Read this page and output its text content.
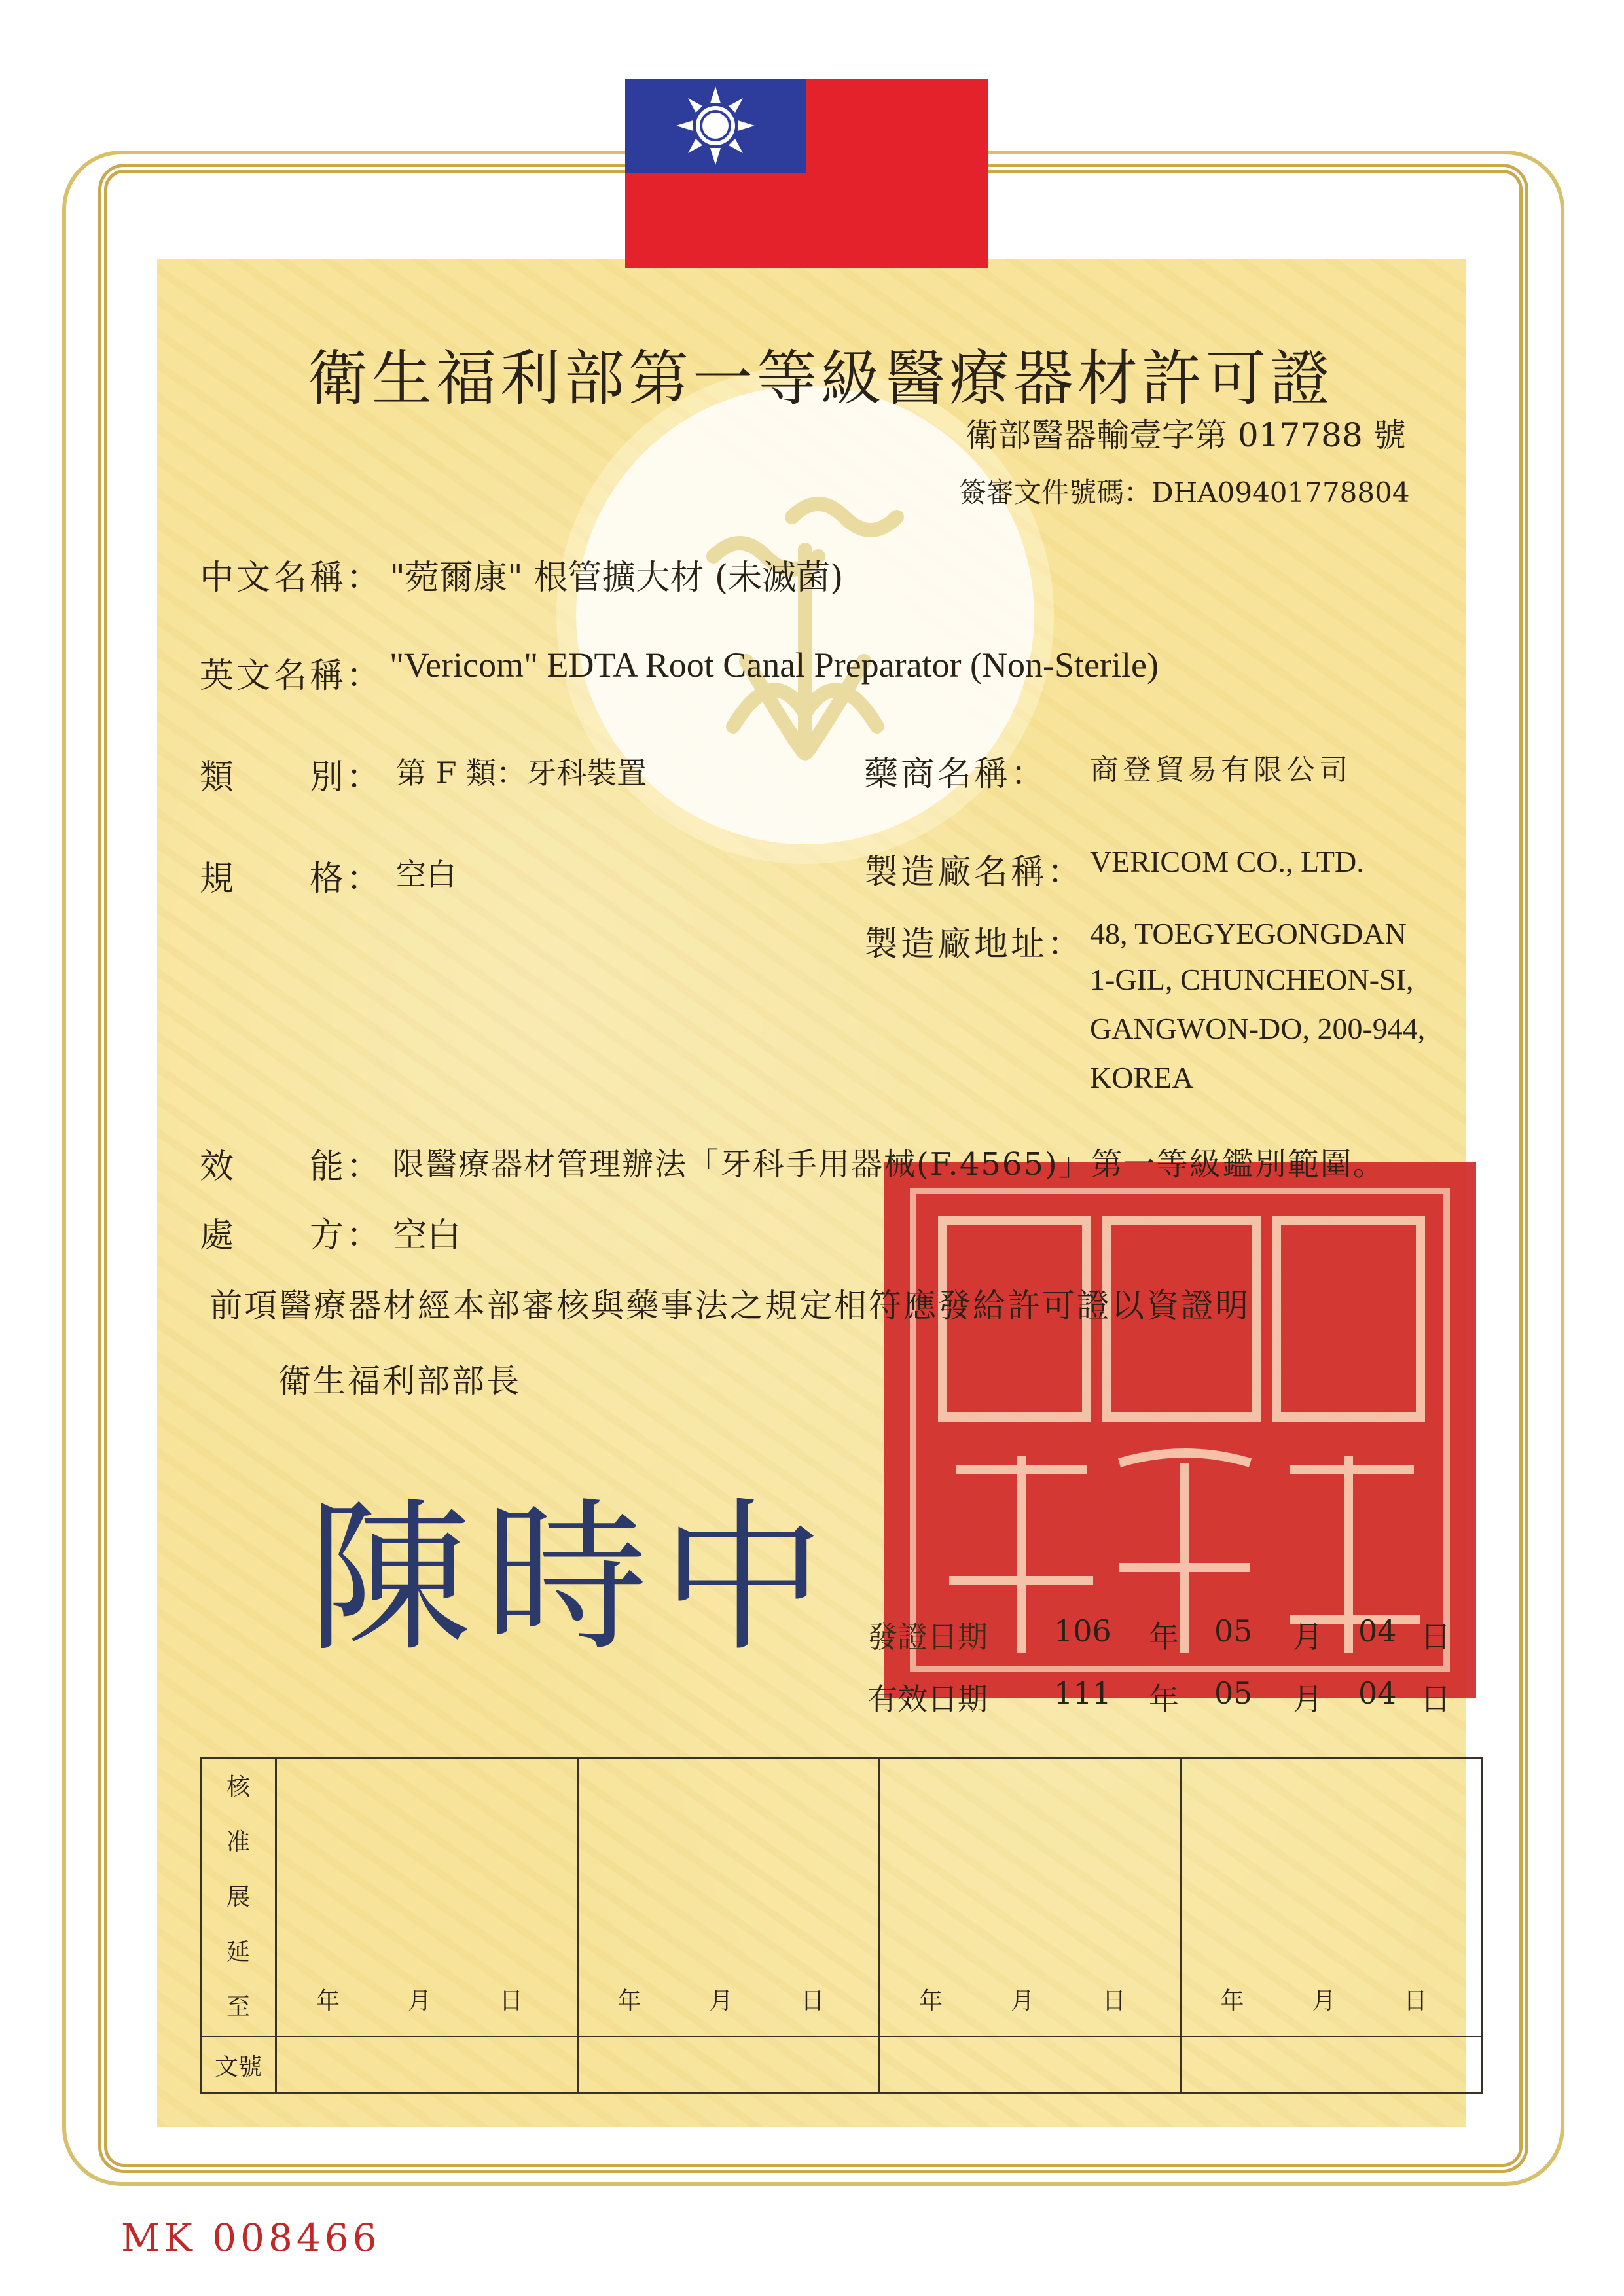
衛生福利部第一等級醫療器材許可證
衛部醫器輸壹字第 017788 號
簽審文件號碼：DHA09401778804
中文名稱： "菀爾康" 根管擴大材 (未滅菌)
英文名稱： "Vericom" EDTA Root Canal Preparator (Non-Sterile)
類　　別： 第 F 類：牙科裝置	藥商名稱： 商登貿易有限公司
規　　格： 空白	製造廠名稱： VERICOM CO., LTD.
製造廠地址： 48, TOEGYEGONGDAN
1-GIL, CHUNCHEON-SI,
GANGWON-DO, 200-944,
KOREA
效　　能： 限醫療器材管理辦法「牙科手用器械(F.4565)」第一等級鑑別範圍。
處　　方： 空白
前項醫療器材經本部審核與藥事法之規定相符應發給許可證以資證明
衛生福利部部長
陳時中 發證日期 106 年 05 月 04 日
有效日期 111 年 05 月 04 日
核
准
展
延
至	年 月 日	年 月 日	年 月 日	年 月 日
文號				
MK 008466
